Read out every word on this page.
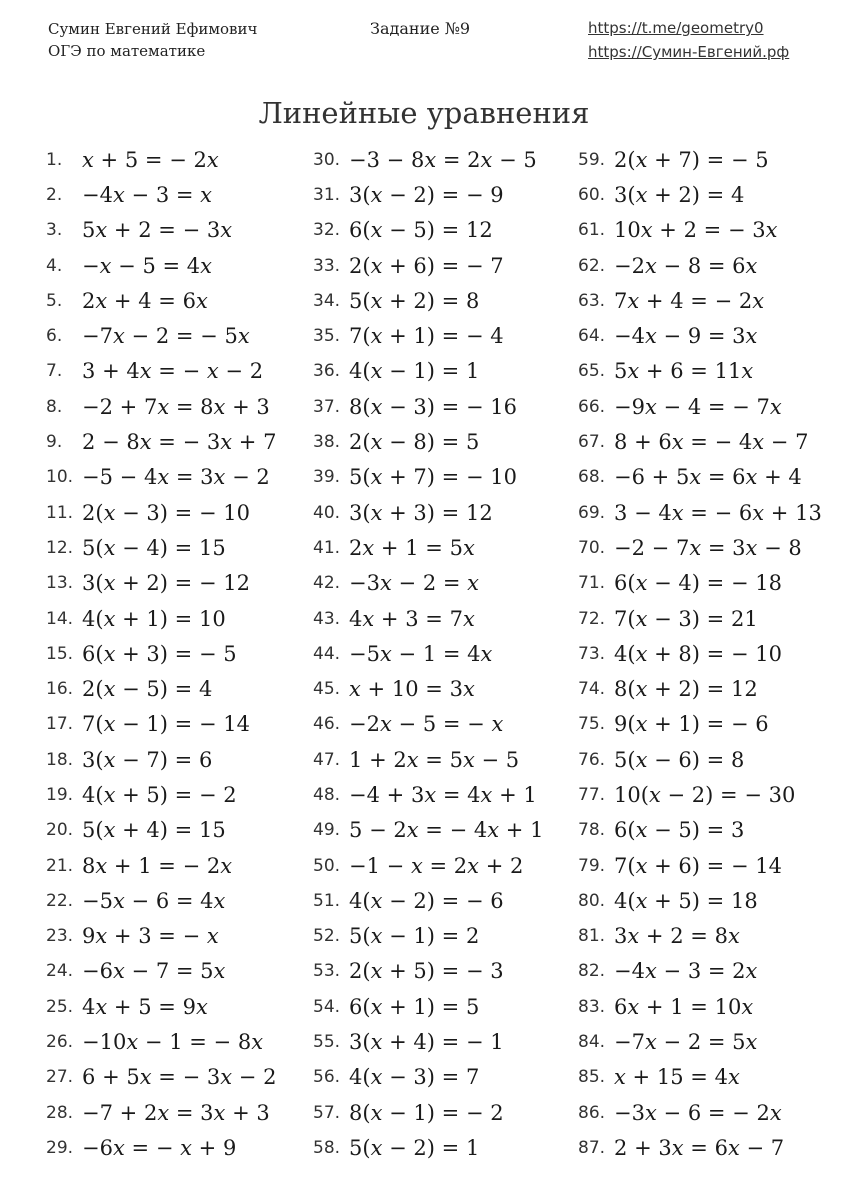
Сумин Евгений Ефимович
ОГЭ по математике
Задание №9	https://t.me/geometry0
https://Сумин-Евгений.рф
Линейные уравнения
1. x + 5 = − 2x
2. −4x − 3 = x
3. 5x + 2 = − 3x
4. −x − 5 = 4x
5. 2x + 4 = 6x
6. −7x − 2 = − 5x
7. 3 + 4x = − x − 2
8. −2 + 7x = 8x + 3
9. 2 − 8x = − 3x + 7
10. −5 − 4x = 3x − 2
11. 2(x − 3) = − 10
12. 5(x − 4) = 15
13. 3(x + 2) = − 12
14. 4(x + 1) = 10
15. 6(x + 3) = − 5
16. 2(x − 5) = 4
17. 7(x − 1) = − 14
18. 3(x − 7) = 6
19. 4(x + 5) = − 2
20. 5(x + 4) = 15
21. 8x + 1 = − 2x
22. −5x − 6 = 4x
23. 9x + 3 = − x
24. −6x − 7 = 5x
25. 4x + 5 = 9x
26. −10x − 1 = − 8x
27. 6 + 5x = − 3x − 2
28. −7 + 2x = 3x + 3
29. −6x = − x + 9
30. −3 − 8x = 2x − 5
31. 3(x − 2) = − 9
32. 6(x − 5) = 12
33. 2(x + 6) = − 7
34. 5(x + 2) = 8
35. 7(x + 1) = − 4
36. 4(x − 1) = 1
37. 8(x − 3) = − 16
38. 2(x − 8) = 5
39. 5(x + 7) = − 10
40. 3(x + 3) = 12
41. 2x + 1 = 5x
42. −3x − 2 = x
43. 4x + 3 = 7x
44. −5x − 1 = 4x
45. x + 10 = 3x
46. −2x − 5 = − x
47. 1 + 2x = 5x − 5
48. −4 + 3x = 4x + 1
49. 5 − 2x = − 4x + 1
50. −1 − x = 2x + 2
51. 4(x − 2) = − 6
52. 5(x − 1) = 2
53. 2(x + 5) = − 3
54. 6(x + 1) = 5
55. 3(x + 4) = − 1
56. 4(x − 3) = 7
57. 8(x − 1) = − 2
58. 5(x − 2) = 1
59. 2(x + 7) = − 5
60. 3(x + 2) = 4
61. 10x + 2 = − 3x
62. −2x − 8 = 6x
63. 7x + 4 = − 2x
64. −4x − 9 = 3x
65. 5x + 6 = 11x
66. −9x − 4 = − 7x
67. 8 + 6x = − 4x − 7
68. −6 + 5x = 6x + 4
69. 3 − 4x = − 6x + 13
70. −2 − 7x = 3x − 8
71. 6(x − 4) = − 18
72. 7(x − 3) = 21
73. 4(x + 8) = − 10
74. 8(x + 2) = 12
75. 9(x + 1) = − 6
76. 5(x − 6) = 8
77. 10(x − 2) = − 30
78. 6(x − 5) = 3
79. 7(x + 6) = − 14
80. 4(x + 5) = 18
81. 3x + 2 = 8x
82. −4x − 3 = 2x
83. 6x + 1 = 10x
84. −7x − 2 = 5x
85. x + 15 = 4x
86. −3x − 6 = − 2x
87. 2 + 3x = 6x − 7
